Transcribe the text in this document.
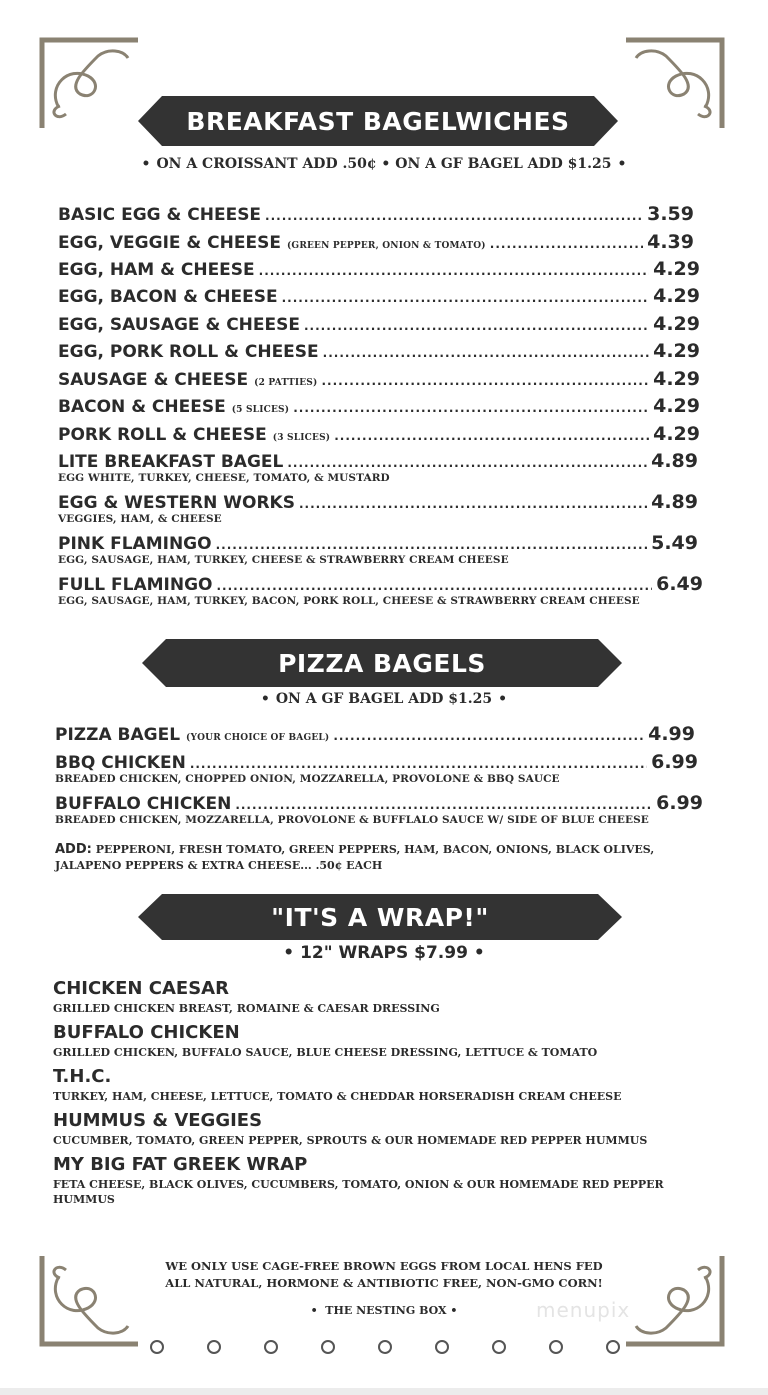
BREAKFAST BAGELWICHES
• ON A CROISSANT ADD .50¢ • ON A GF BAGEL ADD $1.25 •
BASIC EGG & CHEESE .....	3.59
EGG, VEGGIE & CHEESE (GREEN PEPPER, ONION & TOMATO) .....	4.39
EGG, HAM & CHEESE .....	4.29
EGG, BACON & CHEESE .....	4.29
EGG, SAUSAGE & CHEESE .....	4.29
EGG, PORK ROLL & CHEESE .....	4.29
SAUSAGE & CHEESE (2 PATTIES) .....	4.29
BACON & CHEESE (5 SLICES) .....	4.29
PORK ROLL & CHEESE (3 SLICES) .....	4.29
LITE BREAKFAST BAGEL .....	4.89
EGG WHITE, TURKEY, CHEESE, TOMATO, & MUSTARD
EGG & WESTERN WORKS .....	4.89
VEGGIES, HAM, & CHEESE
PINK FLAMINGO .....	5.49
EGG, SAUSAGE, HAM, TURKEY, CHEESE & STRAWBERRY CREAM CHEESE
FULL FLAMINGO .....	6.49
EGG, SAUSAGE, HAM, TURKEY, BACON, PORK ROLL, CHEESE & STRAWBERRY CREAM CHEESE
PIZZA BAGELS
• ON A GF BAGEL ADD $1.25 •
PIZZA BAGEL (YOUR CHOICE OF BAGEL) .....	4.99
BBQ CHICKEN .....	6.99
BREADED CHICKEN, CHOPPED ONION, MOZZARELLA, PROVOLONE & BBQ SAUCE
BUFFALO CHICKEN .....	6.99
BREADED CHICKEN, MOZZARELLA, PROVOLONE & BUFFLALO SAUCE W/ SIDE OF BLUE CHEESE
ADD: PEPPERONI, FRESH TOMATO, GREEN PEPPERS, HAM, BACON, ONIONS, BLACK OLIVES, JALAPENO PEPPERS & EXTRA CHEESE... .50¢ EACH
"IT'S A WRAP!"
• 12" WRAPS $7.99 •
CHICKEN CAESAR
GRILLED CHICKEN BREAST, ROMAINE & CAESAR DRESSING
BUFFALO CHICKEN
GRILLED CHICKEN, BUFFALO SAUCE, BLUE CHEESE DRESSING, LETTUCE & TOMATO
T.H.C.
TURKEY, HAM, CHEESE, LETTUCE, TOMATO & CHEDDAR HORSERADISH CREAM CHEESE
HUMMUS & VEGGIES
CUCUMBER, TOMATO, GREEN PEPPER, SPROUTS & OUR HOMEMADE RED PEPPER HUMMUS
MY BIG FAT GREEK WRAP
FETA CHEESE, BLACK OLIVES, CUCUMBERS, TOMATO, ONION & OUR HOMEMADE RED PEPPER HUMMUS
WE ONLY USE CAGE-FREE BROWN EGGS FROM LOCAL HENS FED
ALL NATURAL, HORMONE & ANTIBIOTIC FREE, NON-GMO CORN!
•  THE NESTING BOX •	menupix
